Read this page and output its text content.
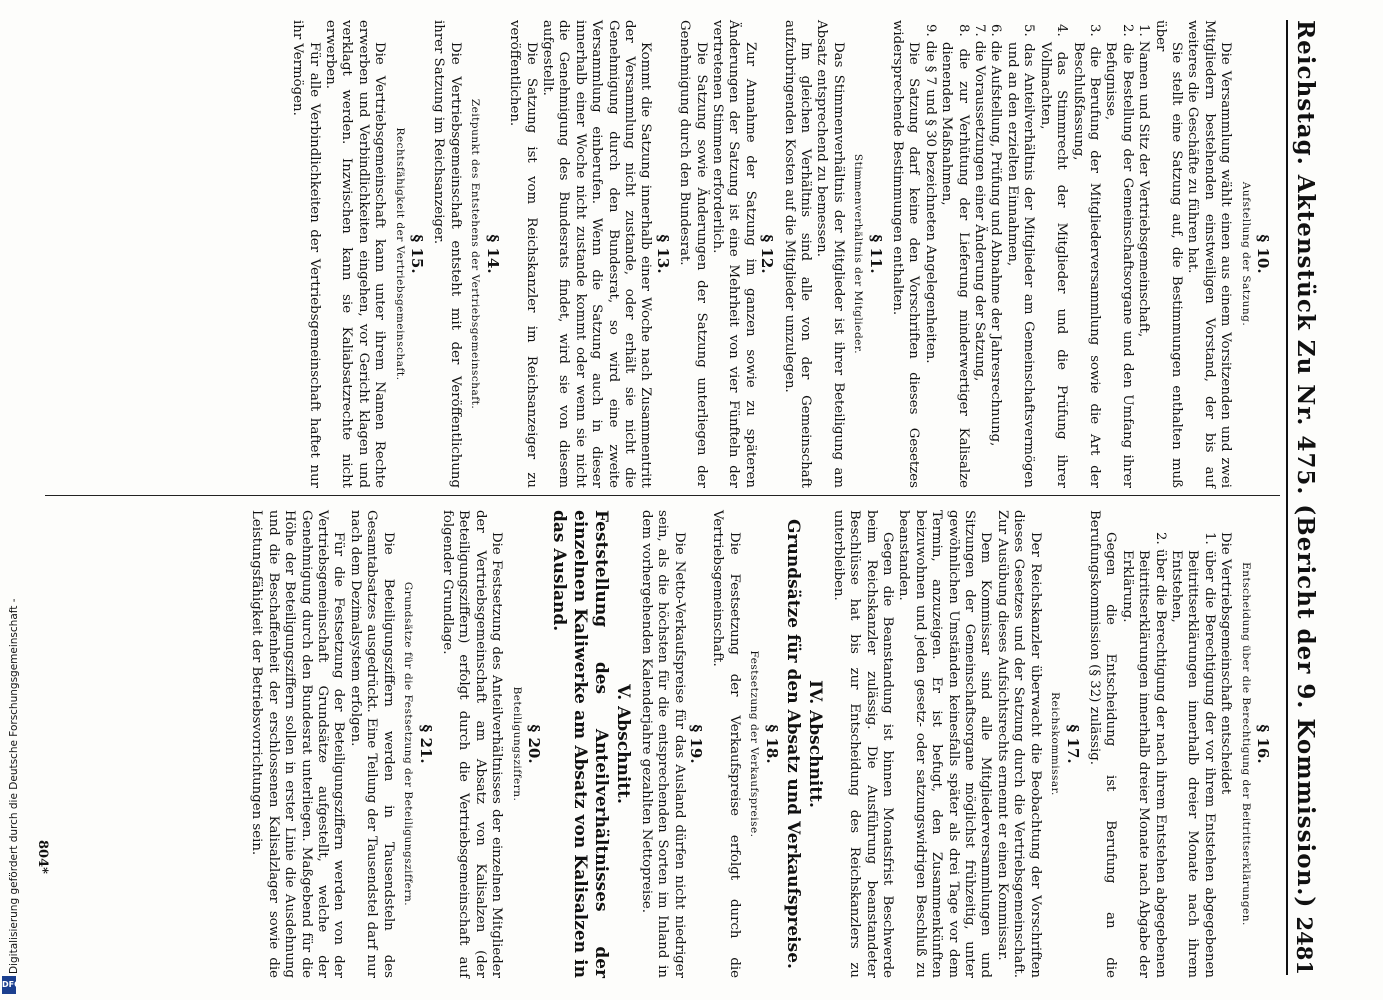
Reichstag. Aktenstück Zu Nr. 475. (Bericht der 9. Kommission.)
2481
§ 10.
Aufstellung der Satzung.

Die Versammlung wählt einen aus einem Vorsitzenden und zwei Mitgliedern bestehenden einstweiligen Vorstand, der bis auf weiteres die Geschäfte zu führen hat.

Sie stellt eine Satzung auf, die Bestimmungen enthalten muß über

1. Namen und Sitz der Vertriebsgemeinschaft,
2. die Bestellung der Gemeinschaftsorgane und den Umfang ihrer Befugnisse,
3. die Berufung der Mitgliederversammlung sowie die Art der Beschlußfassung,
4. das Stimmrecht der Mitglieder und die Prüfung ihrer Vollmachten,
5. das Anteilverhältnis der Mitglieder am Gemeinschaftsvermögen und an den erzielten Einnahmen,
6. die Aufstellung, Prüfung und Abnahme der Jahresrechnung,
7. die Voraussetzungen einer Änderung der Satzung,
8. die zur Verhütung der Lieferung minderwertiger Kalisalze dienenden Maßnahmen,
9. die § 7 und § 30 bezeichneten Angelegenheiten.

Die Satzung darf keine den Vorschriften dieses Gesetzes widersprechende Bestimmungen enthalten.

§ 11.
Stimmenverhältnis der Mitglieder.

Das Stimmenverhältnis der Mitglieder ist ihrer Beteiligung am Absatz entsprechend zu bemessen.

Im gleichen Verhältnis sind alle von der Gemeinschaft aufzubringenden Kosten auf die Mitglieder umzulegen.

§ 12.

Zur Annahme der Satzung im ganzen sowie zu späteren Änderungen der Satzung ist eine Mehrheit von vier Fünfteln der vertretenen Stimmen erforderlich.

Die Satzung sowie Änderungen der Satzung unterliegen der Genehmigung durch den Bundesrat.

§ 13.

Kommt die Satzung innerhalb einer Woche nach Zusammentritt der Versammlung nicht zustande, oder erhält sie nicht die Genehmigung durch den Bundesrat, so wird eine zweite Versammlung einberufen. Wenn die Satzung auch in dieser innerhalb einer Woche nicht zustande kommt oder wenn sie nicht die Genehmigung des Bundesrats findet, wird sie von diesem aufgestellt.

Die Satzung ist vom Reichskanzler im Reichsanzeiger zu veröffentlichen.

§ 14.
Zeitpunkt des Entstehens der Vertriebsgemeinschaft.

Die Vertriebsgemeinschaft entsteht mit der Veröffentlichung ihrer Satzung im Reichsanzeiger.

§ 15.
Rechtsfähigkeit der Vertriebsgemeinschaft.

Die Vertriebsgemeinschaft kann unter ihrem Namen Rechte erwerben und Verbindlichkeiten eingehen, vor Gericht klagen und verklagt werden. Inzwischen kann sie Kaliabsatzrechte nicht erwerben.

Für alle Verbindlichkeiten der Vertriebsgemeinschaft haftet nur ihr Vermögen.

§ 16.
Entscheidung über die Berechtigung der Beitrittserklärungen.

Die Vertriebsgemeinschaft entscheidet

1. über die Berechtigung der vor ihrem Entstehen abgegebenen Beitrittserklärungen innerhalb dreier Monate nach ihrem Entstehen,
2. über die Berechtigung der nach ihrem Entstehen abgegebenen Beitrittserklärungen innerhalb dreier Monate nach Abgabe der Erklärung.

Gegen die Entscheidung ist Berufung an die Berufungskommission (§ 32) zulässig.

§ 17.
Reichskommissar.

Der Reichskanzler überwacht die Beobachtung der Vorschriften dieses Gesetzes und der Satzung durch die Vertriebsgemeinschaft. Zur Ausübung dieses Aufsichtsrechts ernennt er einen Kommissar.

Dem Kommissar sind alle Mitgliederversammlungen und Sitzungen der Gemeinschaftsorgane möglichst frühzeitig, unter gewöhnlichen Umständen keinesfalls später als drei Tage vor dem Termin, anzuzeigen. Er ist befugt, den Zusammenkünften beizuwohnen und jeden gesetz- oder satzungswidrigen Beschluß zu beanstanden.

Gegen die Beanstandung ist binnen Monatsfrist Beschwerde beim Reichskanzler zulässig. Die Ausführung beanstandeter Beschlüsse hat bis zur Entscheidung des Reichskanzlers zu unterbleiben.

IV. Abschnitt.
Grundsätze für den Absatz und Verkaufspreise.
§ 18.
Festsetzung der Verkaufspreise.

Die Festsetzung der Verkaufspreise erfolgt durch die Vertriebsgemeinschaft.

§ 19.

Die Netto-Verkaufspreise für das Ausland dürfen nicht niedriger sein, als die höchsten für die entsprechenden Sorten im Inland in dem vorhergehenden Kalenderjahre gezahlten Nettopreise.

V. Abschnitt.
Feststellung des Anteilverhältnisses der einzelnen Kaliwerke am Absatz von Kalisalzen in das Ausland.
§ 20.
Beteiligungsziffern.

Die Festsetzung des Anteilverhältnisses der einzelnen Mitglieder der Vertriebsgemeinschaft am Absatz von Kalisalzen (der Beteiligungsziffern) erfolgt durch die Vertriebsgemeinschaft auf folgender Grundlage.

§ 21.
Grundsätze für die Festsetzung der Beteiligungsziffern.

Die Beteiligungsziffern werden in Tausendsteln des Gesamtabsatzes ausgedrückt. Eine Teilung der Tausendstel darf nur nach dem Dezimalsystem erfolgen.

Für die Festsetzung der Beteiligungsziffern werden von der Vertriebsgemeinschaft Grundsätze aufgestellt, welche der Genehmigung durch den Bundesrat unterliegen. Maßgebend für die Höhe der Beteiligungsziffern sollen in erster Linie die Ausdehnung und die Beschaffenheit der erschlossenen Kalisalzlager sowie die Leistungsfähigkeit der Betriebsvorrichtungen sein.

804*
Digitalisierung gefördert durch die Deutsche Forschungsgemeinschaft -
DFG
